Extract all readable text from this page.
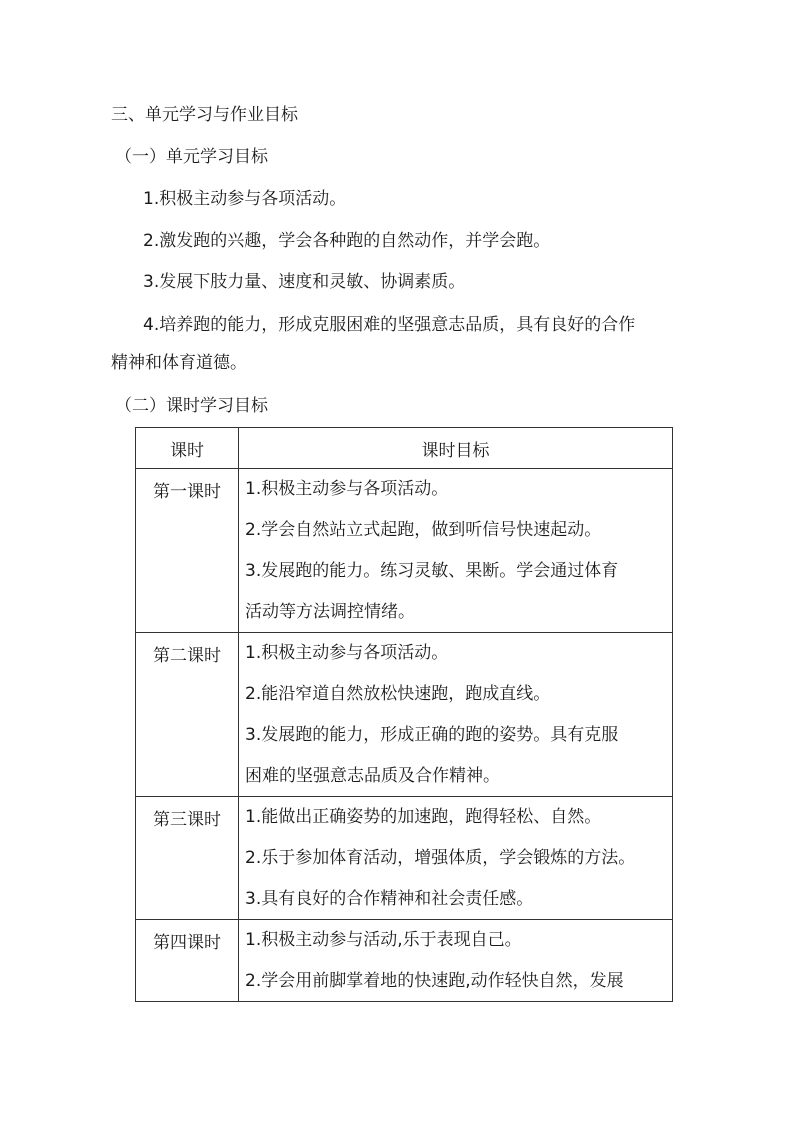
三、单元学习与作业目标
（一）单元学习目标
1.积极主动参与各项活动。
2.激发跑的兴趣，学会各种跑的自然动作，并学会跑。
3.发展下肢力量、速度和灵敏、协调素质。
4.培养跑的能力，形成克服困难的坚强意志品质，具有良好的合作
精神和体育道德。
（二）课时学习目标
课时	课时目标
第一课时	1.积极主动参与各项活动。
2.学会自然站立式起跑，做到听信号快速起动。
3.发展跑的能力。练习灵敏、果断。学会通过体育
活动等方法调控情绪。

第二课时	1.积极主动参与各项活动。
2.能沿窄道自然放松快速跑，跑成直线。
3.发展跑的能力，形成正确的跑的姿势。具有克服
困难的坚强意志品质及合作精神。

第三课时	1.能做出正确姿势的加速跑，跑得轻松、自然。
2.乐于参加体育活动，增强体质，学会锻炼的方法。
3.具有良好的合作精神和社会责任感。

第四课时	1.积极主动参与活动,乐于表现自己。
2.学会用前脚掌着地的快速跑,动作轻快自然，发展
